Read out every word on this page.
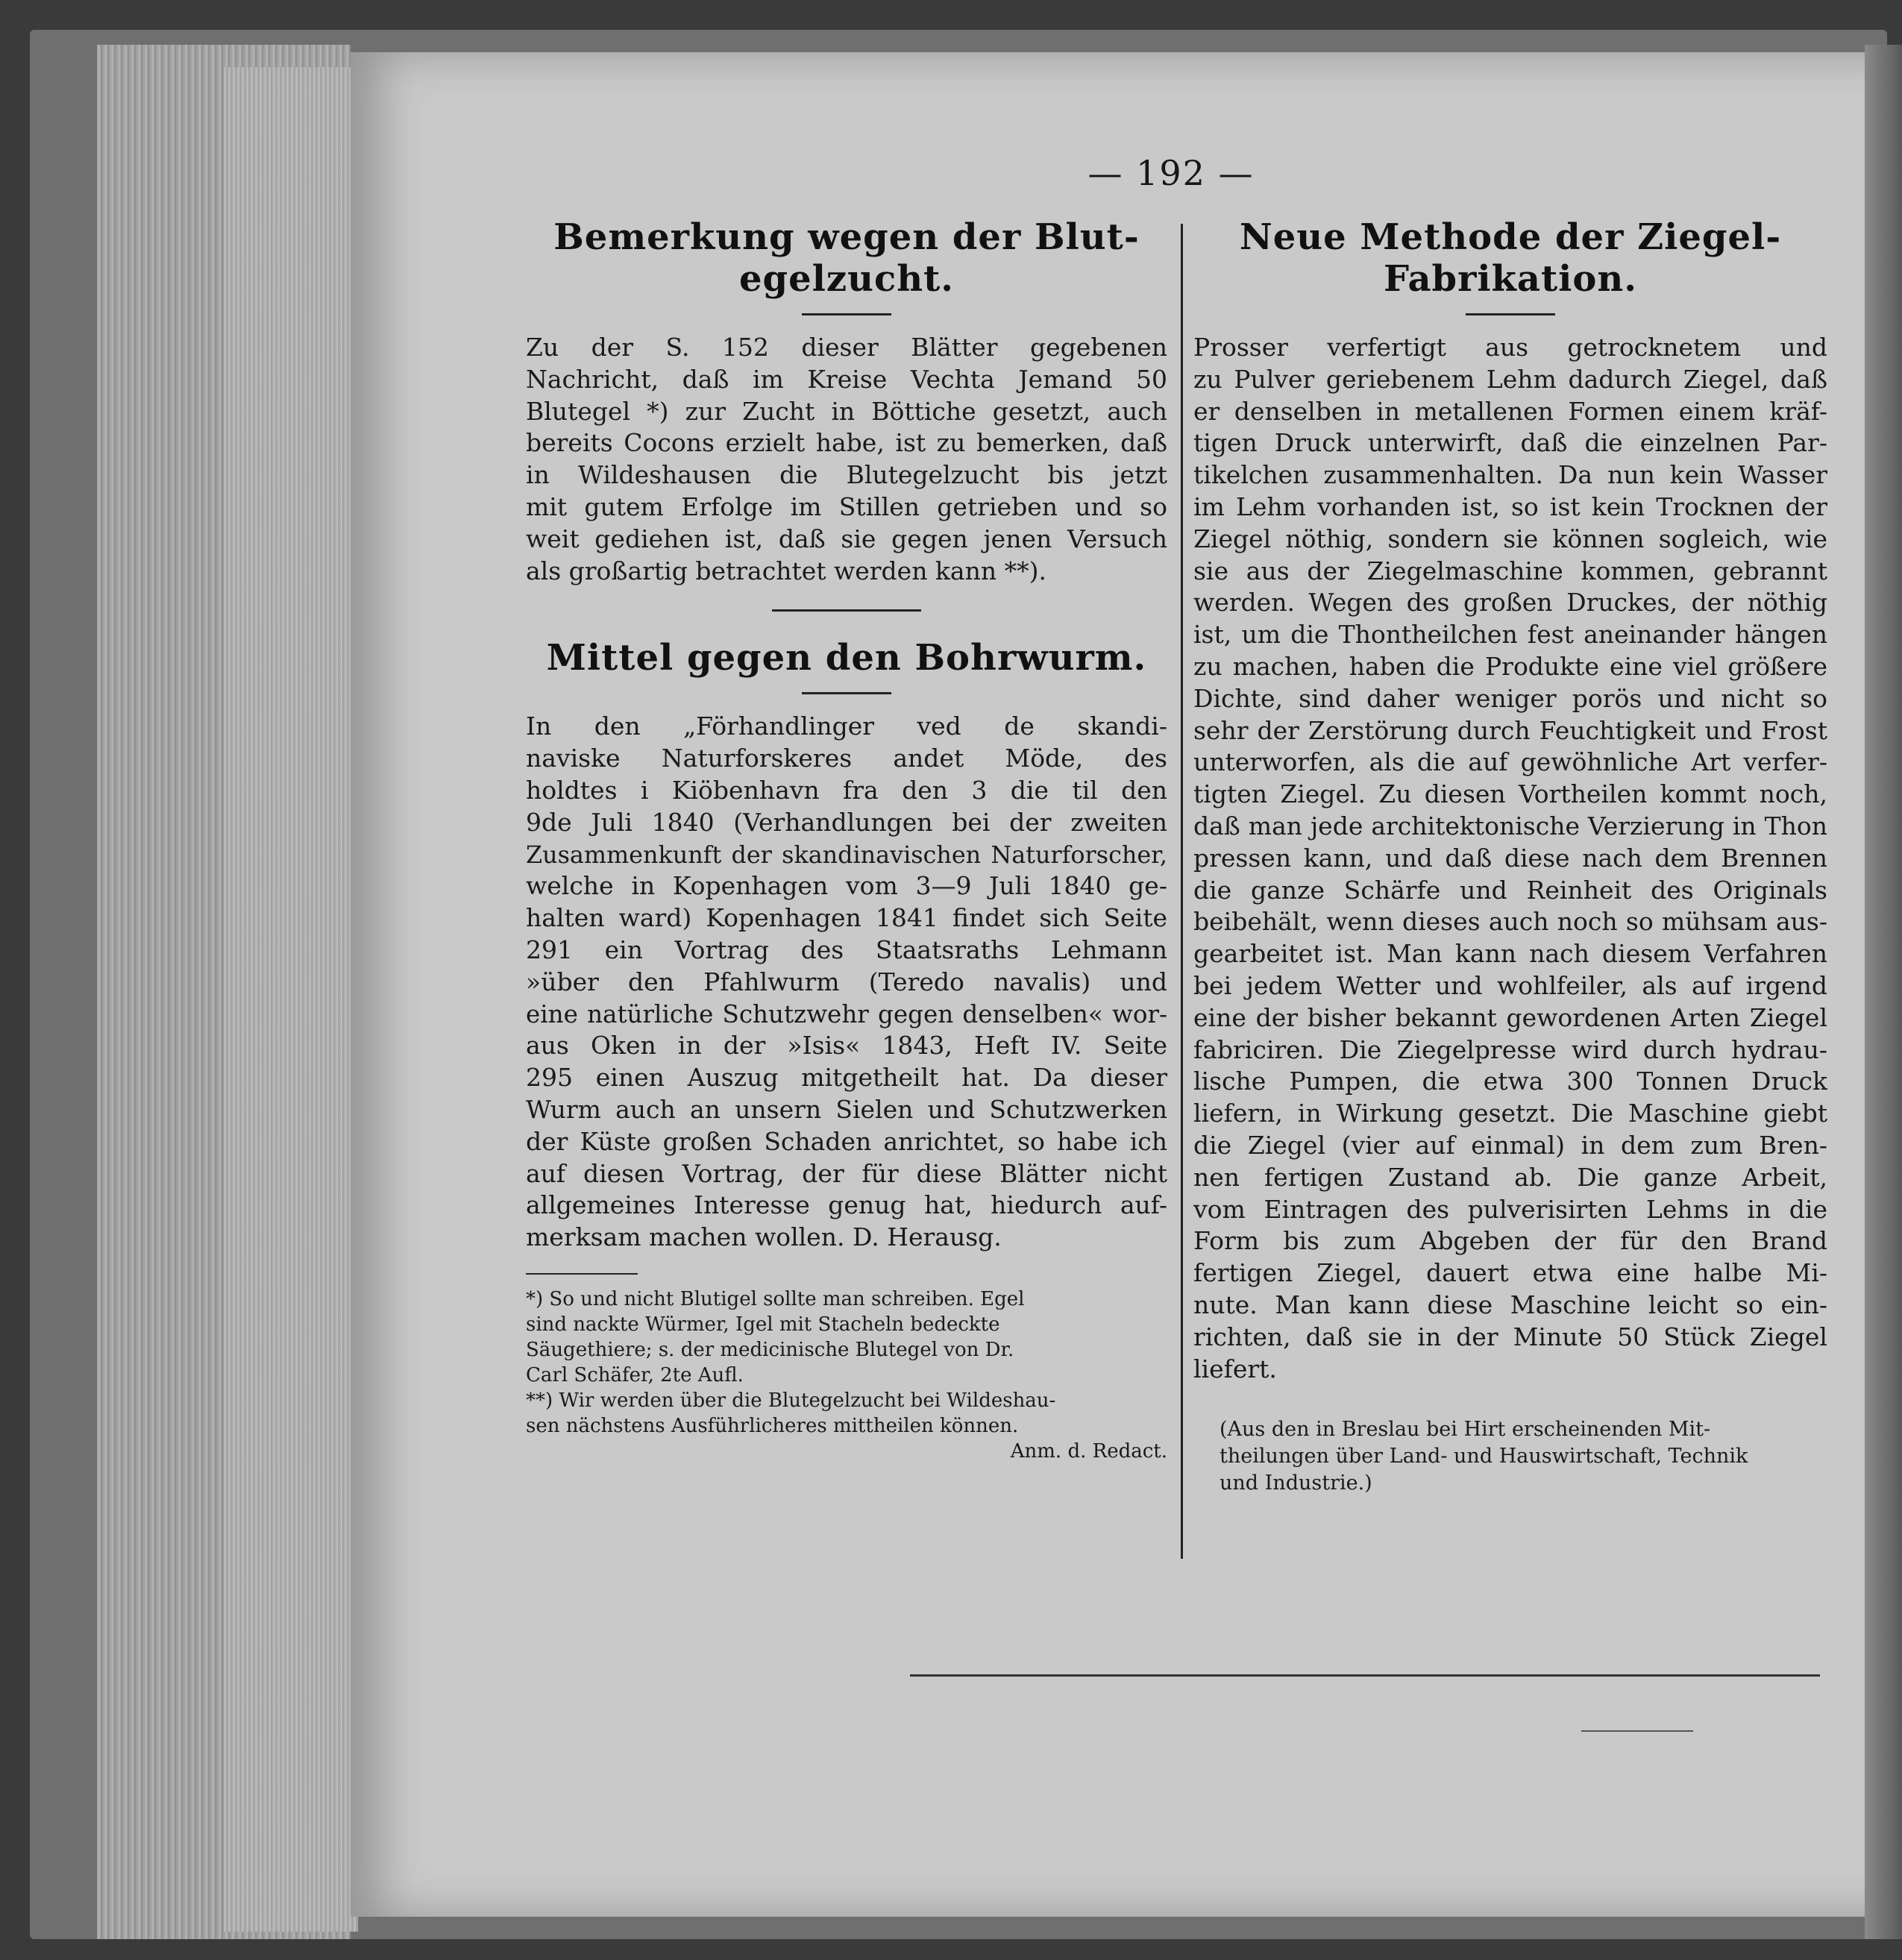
— 192 —
Bemerkung wegen der Blut-
egelzucht.
Zu der S. 152 dieser Blätter gegebenen
Nachricht, daß im Kreise Vechta Jemand 50
Blutegel *) zur Zucht in Böttiche gesetzt, auch
bereits Cocons erzielt habe, ist zu bemerken, daß
in Wildeshausen die Blutegelzucht bis jetzt
mit gutem Erfolge im Stillen getrieben und so
weit gediehen ist, daß sie gegen jenen Versuch
als großartig betrachtet werden kann **).
Mittel gegen den Bohrwurm.
In den „Förhandlinger ved de skandi-
naviske Naturforskeres andet Möde, des
holdtes i Kiöbenhavn fra den 3 die til den
9de Juli 1840 (Verhandlungen bei der zweiten
Zusammenkunft der skandinavischen Naturforscher,
welche in Kopenhagen vom 3—9 Juli 1840 ge-
halten ward) Kopenhagen 1841 findet sich Seite
291 ein Vortrag des Staatsraths Lehmann
»über den Pfahlwurm (Teredo navalis) und
eine natürliche Schutzwehr gegen denselben« wor-
aus Oken in der »Isis« 1843, Heft IV. Seite
295 einen Auszug mitgetheilt hat. Da dieser
Wurm auch an unsern Sielen und Schutzwerken
der Küste großen Schaden anrichtet, so habe ich
auf diesen Vortrag, der für diese Blätter nicht
allgemeines Interesse genug hat, hiedurch auf-
merksam machen wollen. D. Herausg.
*) So und nicht Blutigel sollte man schreiben. Egel
sind nackte Würmer, Igel mit Stacheln bedeckte
Säugethiere; s. der medicinische Blutegel von Dr.
Carl Schäfer, 2te Aufl.
**) Wir werden über die Blutegelzucht bei Wildeshau-
sen nächstens Ausführlicheres mittheilen können.
Anm. d. Redact.
Neue Methode der Ziegel-
Fabrikation.
Prosser verfertigt aus getrocknetem und
zu Pulver geriebenem Lehm dadurch Ziegel, daß
er denselben in metallenen Formen einem kräf-
tigen Druck unterwirft, daß die einzelnen Par-
tikelchen zusammenhalten. Da nun kein Wasser
im Lehm vorhanden ist, so ist kein Trocknen der
Ziegel nöthig, sondern sie können sogleich, wie
sie aus der Ziegelmaschine kommen, gebrannt
werden. Wegen des großen Druckes, der nöthig
ist, um die Thontheilchen fest aneinander hängen
zu machen, haben die Produkte eine viel größere
Dichte, sind daher weniger porös und nicht so
sehr der Zerstörung durch Feuchtigkeit und Frost
unterworfen, als die auf gewöhnliche Art verfer-
tigten Ziegel. Zu diesen Vortheilen kommt noch,
daß man jede architektonische Verzierung in Thon
pressen kann, und daß diese nach dem Brennen
die ganze Schärfe und Reinheit des Originals
beibehält, wenn dieses auch noch so mühsam aus-
gearbeitet ist. Man kann nach diesem Verfahren
bei jedem Wetter und wohlfeiler, als auf irgend
eine der bisher bekannt gewordenen Arten Ziegel
fabriciren. Die Ziegelpresse wird durch hydrau-
lische Pumpen, die etwa 300 Tonnen Druck
liefern, in Wirkung gesetzt. Die Maschine giebt
die Ziegel (vier auf einmal) in dem zum Bren-
nen fertigen Zustand ab. Die ganze Arbeit,
vom Eintragen des pulverisirten Lehms in die
Form bis zum Abgeben der für den Brand
fertigen Ziegel, dauert etwa eine halbe Mi-
nute. Man kann diese Maschine leicht so ein-
richten, daß sie in der Minute 50 Stück Ziegel
liefert.
(Aus den in Breslau bei Hirt erscheinenden Mit-
theilungen über Land- und Hauswirtschaft, Technik
und Industrie.)
